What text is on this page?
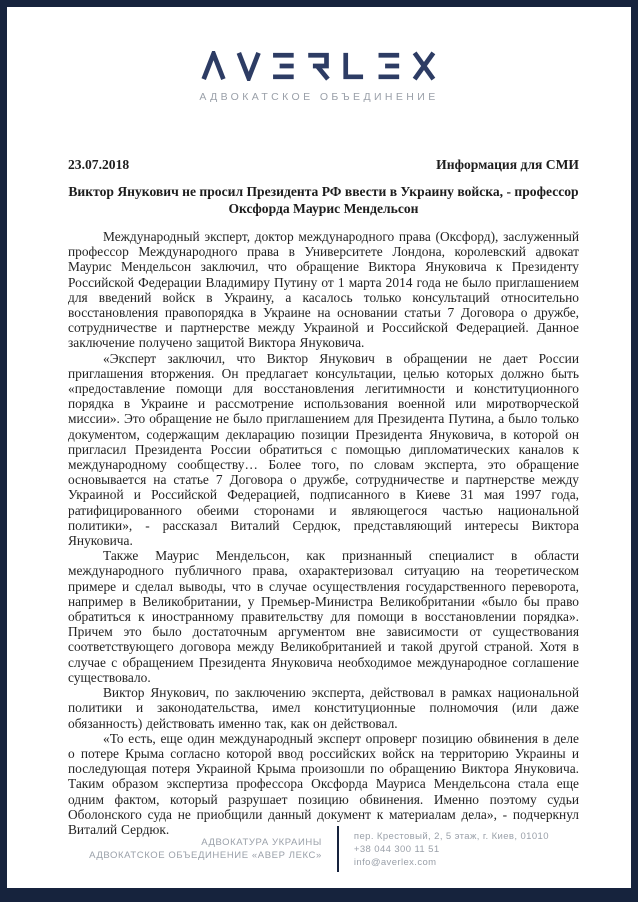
АДВОКАТСКОЕ ОБЪЕДИНЕНИЕ
23.07.2018	Информация для СМИ
Виктор Янукович не просил Президента РФ ввести в Украину войска, - профессор Оксфорда Маурис Мендельсон

Международный эксперт, доктор международного права (Оксфорд), заслуженный профессор Международного права в Университете Лондона, королевский адвокат Маурис Мендельсон заключил, что обращение Виктора Януковича к Президенту Российской Федерации Владимиру Путину от 1 марта 2014 года не было приглашением для введений войск в Украину, а касалось только консультаций относительно восстановления правопорядка в Украине на основании статьи 7 Договора о дружбе, сотрудничестве и партнерстве между Украиной и Российской Федерацией. Данное заключение получено защитой Виктора Януковича.

«Эксперт заключил, что Виктор Янукович в обращении не дает России приглашения вторжения. Он предлагает консультации, целью которых должно быть «предоставление помощи для восстановления легитимности и конституционного порядка в Украине и рассмотрение использования военной или миротворческой миссии». Это обращение не было приглашением для Президента Путина, а было только документом, содержащим декларацию позиции Президента Януковича, в которой он пригласил Президента России обратиться с помощью дипломатических каналов к международному сообществу… Более того, по словам эксперта, это обращение основывается на статье 7 Договора о дружбе, сотрудничестве и партнерстве между Украиной и Российской Федерацией, подписанного в Киеве 31 мая 1997 года, ратифицированного обеими сторонами и являющегося частью национальной политики», - рассказал Виталий Сердюк, представляющий интересы Виктора Януковича.

Также Маурис Мендельсон, как признанный специалист в области международного публичного права, охарактеризовал ситуацию на теоретическом примере и сделал выводы, что в случае осуществления государственного переворота, например в Великобритании, у Премьер-Министра Великобритании «было бы право обратиться к иностранному правительству для помощи в восстановлении порядка». Причем это было достаточным аргументом вне зависимости от существования соответствующего договора между Великобританией и такой другой страной. Хотя в случае с обращением Президента Януковича необходимое международное соглашение существовало.

Виктор Янукович, по заключению эксперта, действовал в рамках национальной политики и законодательства, имел конституционные полномочия (или даже обязанность) действовать именно так, как он действовал.

«То есть, еще один международный эксперт опроверг позицию обвинения в деле о потере Крыма согласно которой ввод российских войск на территорию Украины и последующая потеря Украиной Крыма произошли по обращению Виктора Януковича. Таким образом экспертиза профессора Оксфорда Мауриса Мендельсона стала еще одним фактом, который разрушает позицию обвинения. Именно поэтому судьи Оболонского суда не приобщили данный документ к материалам дела», - подчеркнул Виталий Сердюк.

АДВОКАТУРА УКРАИНЫ
АДВОКАТСКОЕ ОБЪЕДИНЕНИЕ «АВЕР ЛЕКС»
пер. Крестовый, 2, 5 этаж, г. Киев, 01010
+38 044 300 11 51
info@averlex.com
